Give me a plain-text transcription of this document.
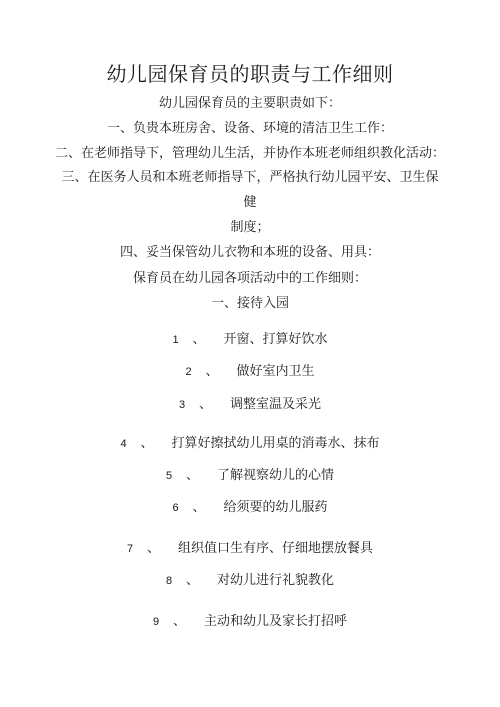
幼儿园保育员的职责与工作细则
幼儿园保育员的主要职责如下：
一、负贵本班房舍、设备、环境的清洁卫生工作：
二、在老师指导下，管理幼儿生活，并协作本班老师组织教化活动：
三、在医务人员和本班老师指导下，严格执行幼儿园平安、卫生保
健
制度；
四、妥当保管幼儿衣物和本班的设备、用具：
保育员在幼儿园各项活动中的工作细则：
一、接待入园
1 、 开窗、打算好饮水
2 、 做好室内卫生
3 、 调整室温及采光
4 、 打算好擦拭幼儿用桌的消毒水、抹布
5 、 了解视察幼儿的心情
6 、 给须要的幼儿服药
7 、 组织值口生有序、仔细地摆放餐具
8 、 对幼儿进行礼貌教化
9 、 主动和幼儿及家长打招呼
